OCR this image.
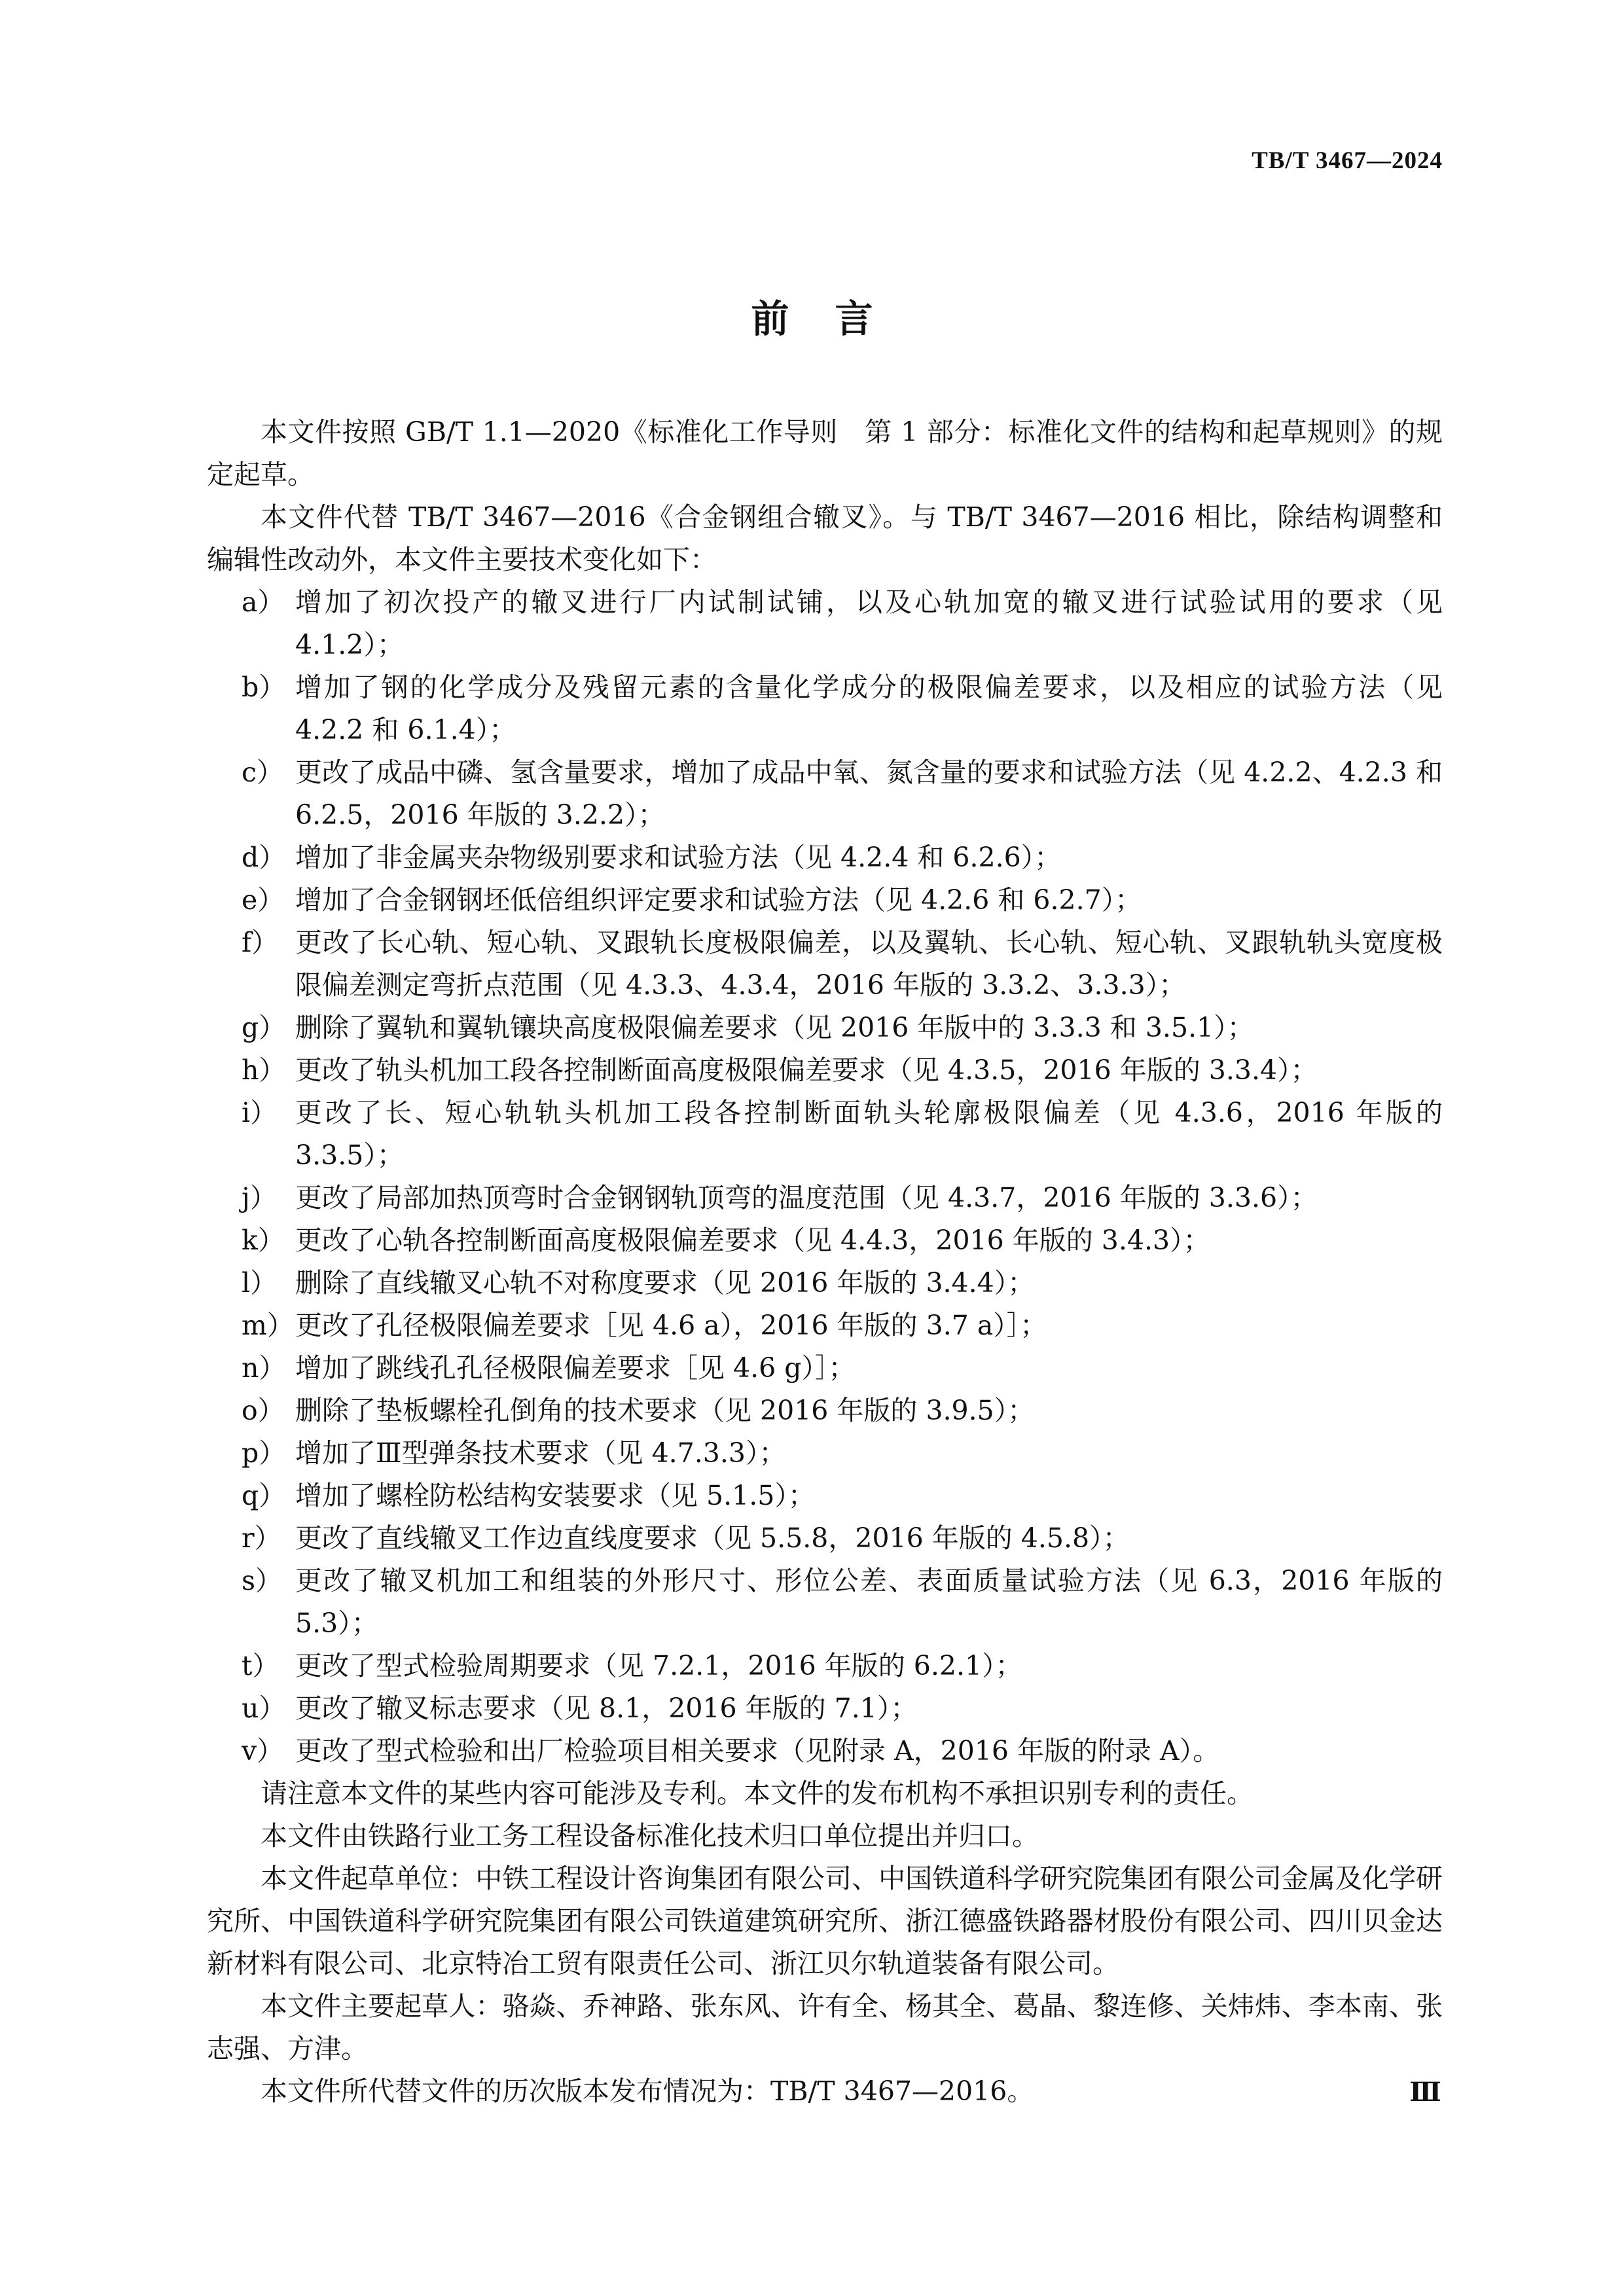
TB/T 3467—2024
前言

本文件按照 GB/T 1.1—2020《标准化工作导则　第 1 部分：标准化文件的结构和起草规则》的规定起草。

本文件代替 TB/T 3467—2016《合金钢组合辙叉》。与 TB/T 3467—2016 相比，除结构调整和编辑性改动外，本文件主要技术变化如下：

a） 增加了初次投产的辙叉进行厂内试制试铺，以及心轨加宽的辙叉进行试验试用的要求（见 4.1.2）；
b） 增加了钢的化学成分及残留元素的含量化学成分的极限偏差要求，以及相应的试验方法（见 4.2.2 和 6.1.4）；
c） 更改了成品中磷、氢含量要求，增加了成品中氧、氮含量的要求和试验方法（见 4.2.2、4.2.3 和 6.2.5，2016 年版的 3.2.2）；
d） 增加了非金属夹杂物级别要求和试验方法（见 4.2.4 和 6.2.6）；
e） 增加了合金钢钢坯低倍组织评定要求和试验方法（见 4.2.6 和 6.2.7）；
f） 更改了长心轨、短心轨、叉跟轨长度极限偏差，以及翼轨、长心轨、短心轨、叉跟轨轨头宽度极限偏差测定弯折点范围（见 4.3.3、4.3.4，2016 年版的 3.3.2、3.3.3）；
g） 删除了翼轨和翼轨镶块高度极限偏差要求（见 2016 年版中的 3.3.3 和 3.5.1）；
h） 更改了轨头机加工段各控制断面高度极限偏差要求（见 4.3.5，2016 年版的 3.3.4）；
i） 更改了长、短心轨轨头机加工段各控制断面轨头轮廓极限偏差（见 4.3.6，2016 年版的 3.3.5）；
j） 更改了局部加热顶弯时合金钢钢轨顶弯的温度范围（见 4.3.7，2016 年版的 3.3.6）；
k） 更改了心轨各控制断面高度极限偏差要求（见 4.4.3，2016 年版的 3.4.3）；
l） 删除了直线辙叉心轨不对称度要求（见 2016 年版的 3.4.4）；
m） 更改了孔径极限偏差要求［见 4.6 a），2016 年版的 3.7 a）］；
n） 增加了跳线孔孔径极限偏差要求［见 4.6 g）］；
o） 删除了垫板螺栓孔倒角的技术要求（见 2016 年版的 3.9.5）；
p） 增加了Ⅲ型弹条技术要求（见 4.7.3.3）；
q） 增加了螺栓防松结构安装要求（见 5.1.5）；
r） 更改了直线辙叉工作边直线度要求（见 5.5.8，2016 年版的 4.5.8）；
s） 更改了辙叉机加工和组装的外形尺寸、形位公差、表面质量试验方法（见 6.3，2016 年版的 5.3）；
t） 更改了型式检验周期要求（见 7.2.1，2016 年版的 6.2.1）；
u） 更改了辙叉标志要求（见 8.1，2016 年版的 7.1）；
v） 更改了型式检验和出厂检验项目相关要求（见附录 A，2016 年版的附录 A）。

请注意本文件的某些内容可能涉及专利。本文件的发布机构不承担识别专利的责任。

本文件由铁路行业工务工程设备标准化技术归口单位提出并归口。

本文件起草单位：中铁工程设计咨询集团有限公司、中国铁道科学研究院集团有限公司金属及化学研究所、中国铁道科学研究院集团有限公司铁道建筑研究所、浙江德盛铁路器材股份有限公司、四川贝金达新材料有限公司、北京特冶工贸有限责任公司、浙江贝尔轨道装备有限公司。

本文件主要起草人：骆焱、乔神路、张东风、许有全、杨其全、葛晶、黎连修、关炜炜、李本南、张志强、方津。

本文件所代替文件的历次版本发布情况为：TB/T 3467—2016。	Ⅲ
